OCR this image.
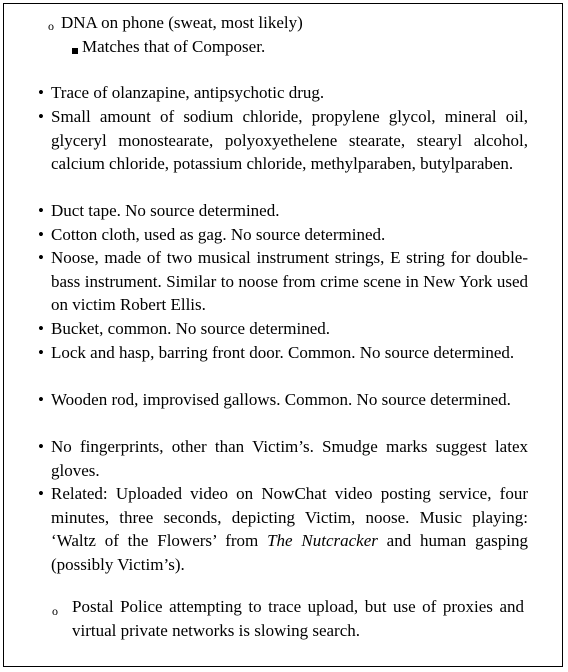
o DNA on phone (sweat, most likely)
Matches that of Composer.
• Trace of olanzapine, antipsychotic drug.
• Small amount of sodium chloride, propylene glycol, mineral oil, glyceryl monostearate, polyoxyethelene stearate, stearyl alcohol, calcium chloride, potassium chloride, methylparaben, butylparaben.
• Duct tape. No source determined.
• Cotton cloth, used as gag. No source determined.
• Noose, made of two musical instrument strings, E string for double-bass instrument. Similar to noose from crime scene in New York used on victim Robert Ellis.
• Bucket, common. No source determined.
• Lock and hasp, barring front door. Common. No source determined.
• Wooden rod, improvised gallows. Common. No source determined.
• No fingerprints, other than Victim’s. Smudge marks suggest latex gloves.
• Related: Uploaded video on NowChat video posting service, four minutes, three seconds, depicting Victim, noose. Music playing: ‘Waltz of the Flowers’ from The Nutcracker and human gasping (possibly Victim’s).
o Postal Police attempting to trace upload, but use of proxies and virtual private networks is slowing search.
